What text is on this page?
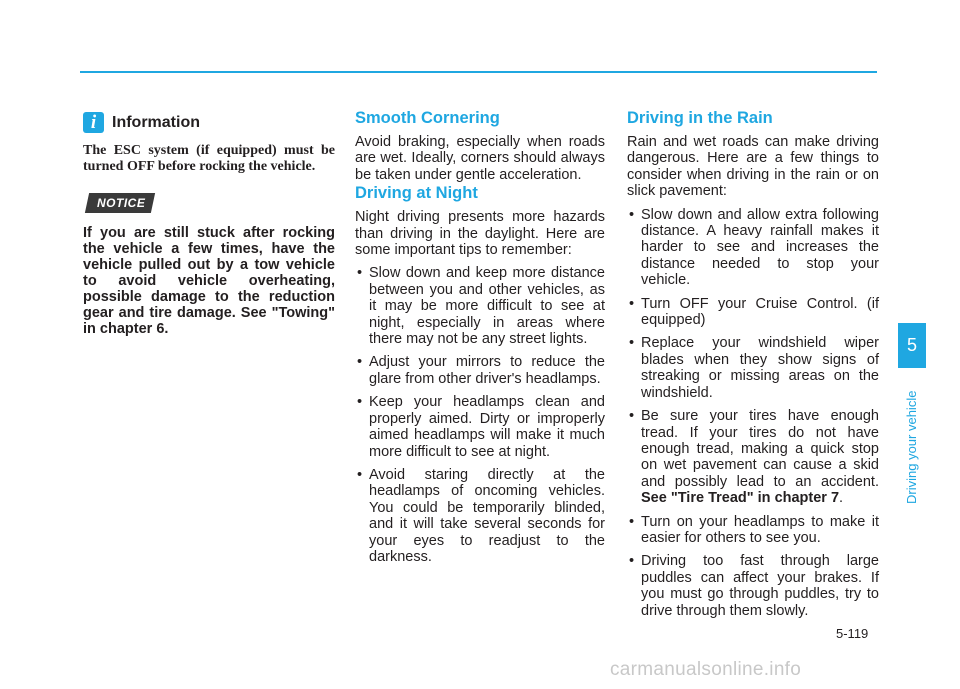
i Information

The ESC system (if equipped) must be turned OFF before rocking the vehicle.

NOTICE

If you are still stuck after rocking the vehicle a few times, have the vehicle pulled out by a tow vehicle to avoid vehicle overheating, possible damage to the reduction gear and tire damage. See "Towing" in chapter 6.

Smooth Cornering

Avoid braking, especially when roads are wet. Ideally, corners should always be taken under gentle acceleration.

Driving at Night

Night driving presents more hazards than driving in the daylight. Here are some important tips to remember:

• Slow down and keep more distance between you and other vehicles, as it may be more difficult to see at night, especially in areas where there may not be any street lights.
• Adjust your mirrors to reduce the glare from other driver's headlamps.
• Keep your headlamps clean and properly aimed. Dirty or improperly aimed headlamps will make it much more difficult to see at night.
• Avoid staring directly at the headlamps of oncoming vehicles. You could be temporarily blinded, and it will take several seconds for your eyes to readjust to the darkness.
Driving in the Rain

Rain and wet roads can make driving dangerous. Here are a few things to consider when driving in the rain or on slick pavement:

• Slow down and allow extra following distance. A heavy rainfall makes it harder to see and increases the distance needed to stop your vehicle.
• Turn OFF your Cruise Control. (if equipped)
• Replace your windshield wiper blades when they show signs of streaking or missing areas on the windshield.
• Be sure your tires have enough tread. If your tires do not have enough tread, making a quick stop on wet pavement can cause a skid and possibly lead to an accident. See "Tire Tread" in chapter 7.
• Turn on your headlamps to make it easier for others to see you.
• Driving too fast through large puddles can affect your brakes. If you must go through puddles, try to drive through them slowly.
5
Driving your vehicle
5-119
carmanualsonline.info
